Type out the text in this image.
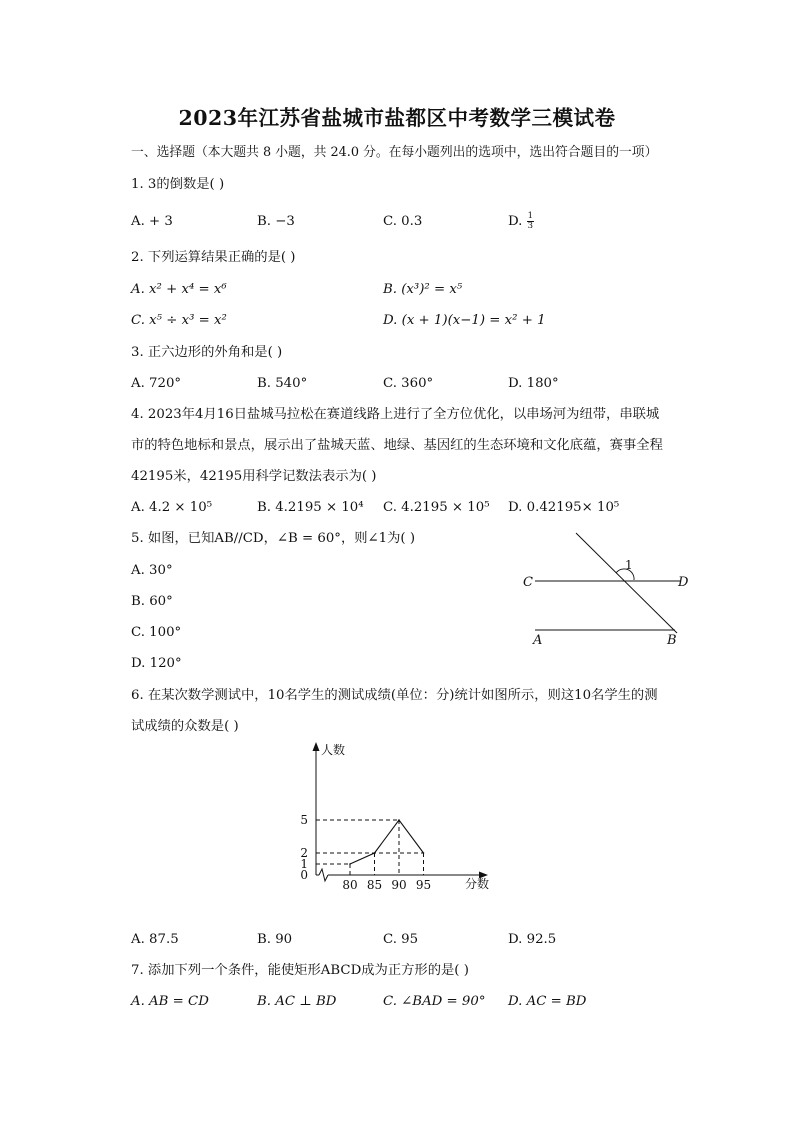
2023年江苏省盐城市盐都区中考数学三模试卷
一、选择题（本大题共 8 小题，共 24.0 分。在每小题列出的选项中，选出符合题目的一项）
1. 3的倒数是( )
A. + 3	B. −3	C. 0.3	D. $\frac{1}{3}$
2. 下列运算结果正确的是( )
A. x² + x⁴ = x⁶	B. (x³)² = x⁵
C. x⁵ ÷ x³ = x²	D. (x + 1)(x−1) = x² + 1
3. 正六边形的外角和是( )
A. 720°	B. 540°	C. 360°	D. 180°
4. 2023年4月16日盐城马拉松在赛道线路上进行了全方位优化，以串场河为纽带，串联城
市的特色地标和景点，展示出了盐城天蓝、地绿、基因红的生态环境和文化底蕴，赛事全程
42195米，42195用科学记数法表示为( )
A. 4.2 × 10⁵	B. 4.2195 × 10⁴ C. 4.2195 × 10⁵ D. 0.42195× 10⁵
5. 如图，已知AB//CD，∠B = 60°，则∠1为( )
A. 30°
B. 60°
C. 100°
D. 120°
1
C	D
A	B
6. 在某次数学测试中，10名学生的测试成绩(单位：分)统计如图所示，则这10名学生的测
试成绩的众数是( )
人数
分数
80 85 90 95
0
1
2
5
A. 87.5	B. 90	C. 95	D. 92.5
7. 添加下列一个条件，能使矩形ABCD成为正方形的是( )
A. AB = CD	B. AC ⊥ BD	C. ∠BAD = 90° D. AC = BD
